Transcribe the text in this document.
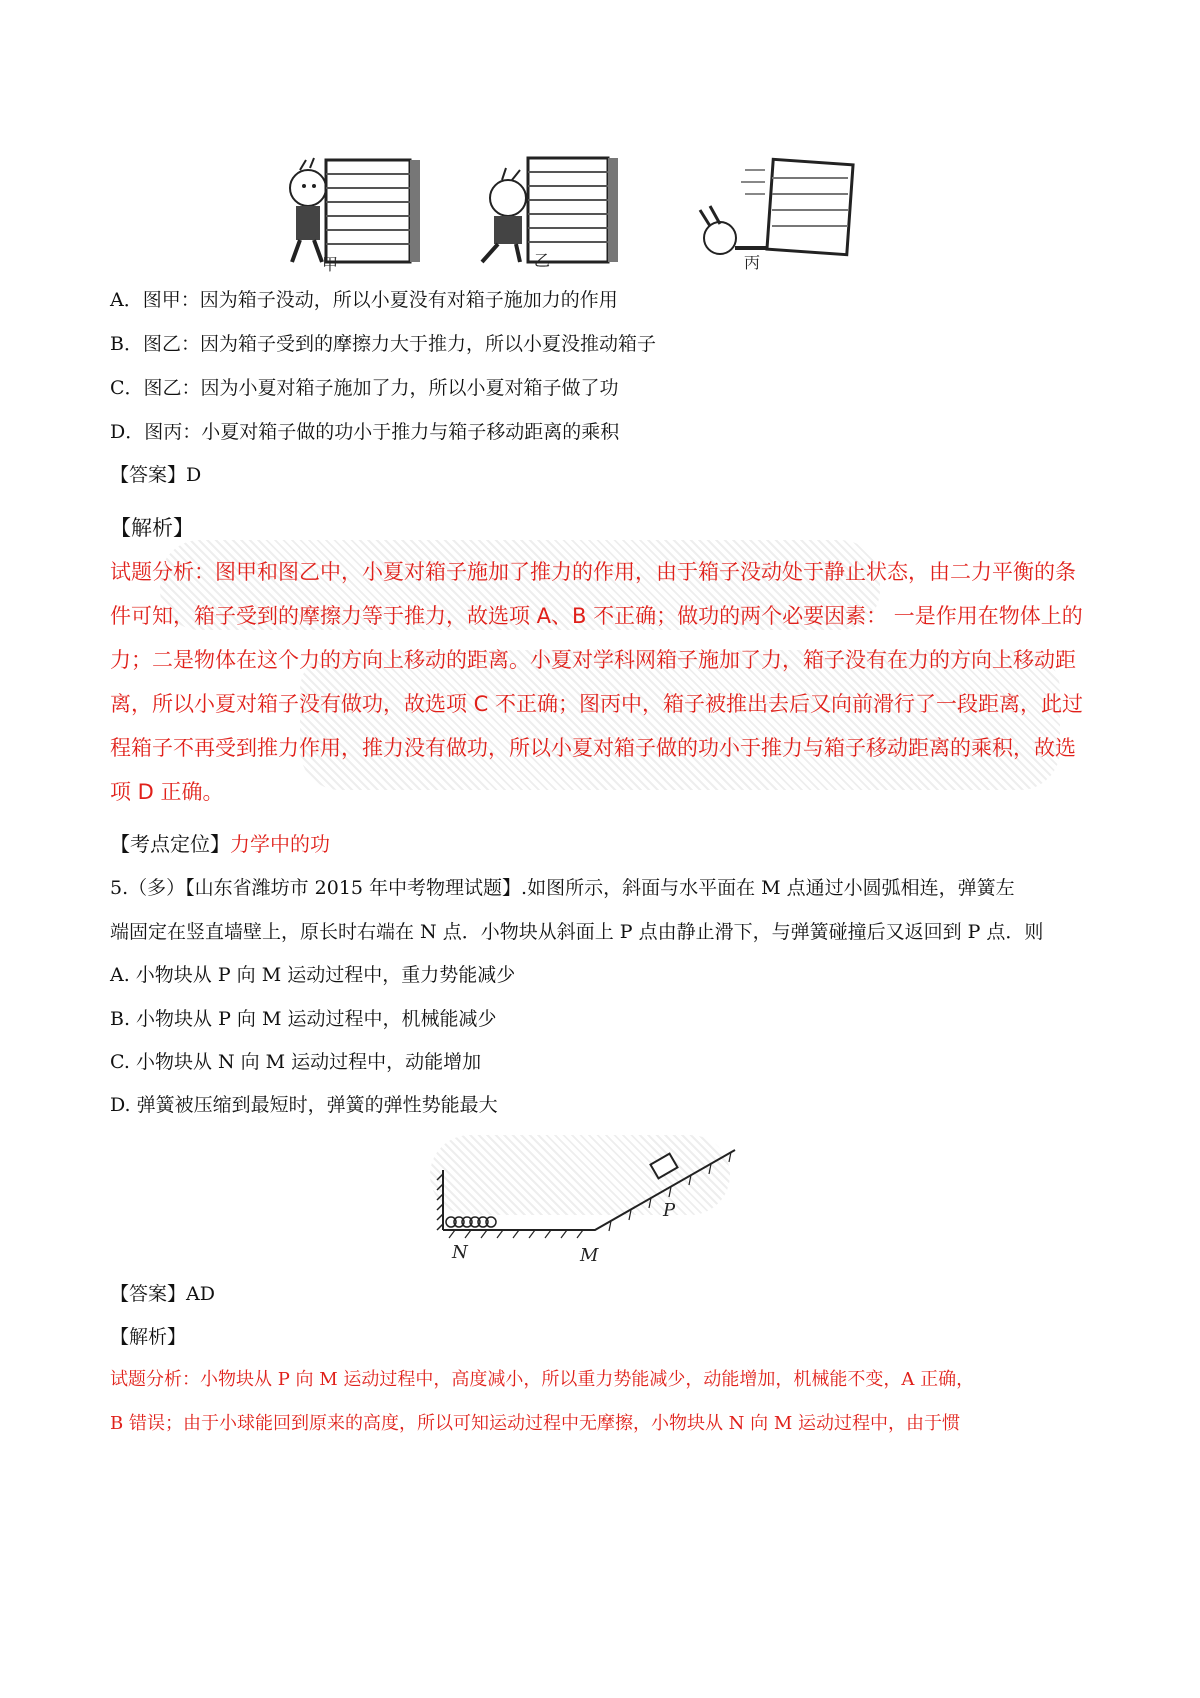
甲	乙	丙
A．图甲：因为箱子没动，所以小夏没有对箱子施加力的作用
B．图乙：因为箱子受到的摩擦力大于推力，所以小夏没推动箱子
C．图乙：因为小夏对箱子施加了力，所以小夏对箱子做了功
D．图丙：小夏对箱子做的功小于推力与箱子移动距离的乘积
【答案】D
【解析】
试题分析：图甲和图乙中，小夏对箱子施加了推力的作用，由于箱子没动处于静止状态，由二力平衡的条
件可知，箱子受到的摩擦力等于推力，故选项 A、B 不正确；做功的两个必要因素： 一是作用在物体上的
力；二是物体在这个力的方向上移动的距离。小夏对学科网箱子施加了力，箱子没有在力的方向上移动距
离，所以小夏对箱子没有做功，故选项 C 不正确；图丙中，箱子被推出去后又向前滑行了一段距离，此过
程箱子不再受到推力作用，推力没有做功，所以小夏对箱子做的功小于推力与箱子移动距离的乘积，故选
项 D 正确。
【考点定位】力学中的功
5.（多）【山东省潍坊市 2015 年中考物理试题】.如图所示，斜面与水平面在 M 点通过小圆弧相连，弹簧左
端固定在竖直墙壁上，原长时右端在 N 点．小物块从斜面上 P 点由静止滑下，与弹簧碰撞后又返回到 P 点．则
A. 小物块从 P 向 M 运动过程中，重力势能减少
B. 小物块从 P 向 M 运动过程中，机械能减少
C. 小物块从 N 向 M 运动过程中，动能增加
D. 弹簧被压缩到最短时，弹簧的弹性势能最大
N	M
P
【答案】AD
【解析】
试题分析：小物块从 P 向 M 运动过程中，高度减小，所以重力势能减少，动能增加，机械能不变，A 正确，
B 错误；由于小球能回到原来的高度，所以可知运动过程中无摩擦，小物块从 N 向 M 运动过程中，由于惯
